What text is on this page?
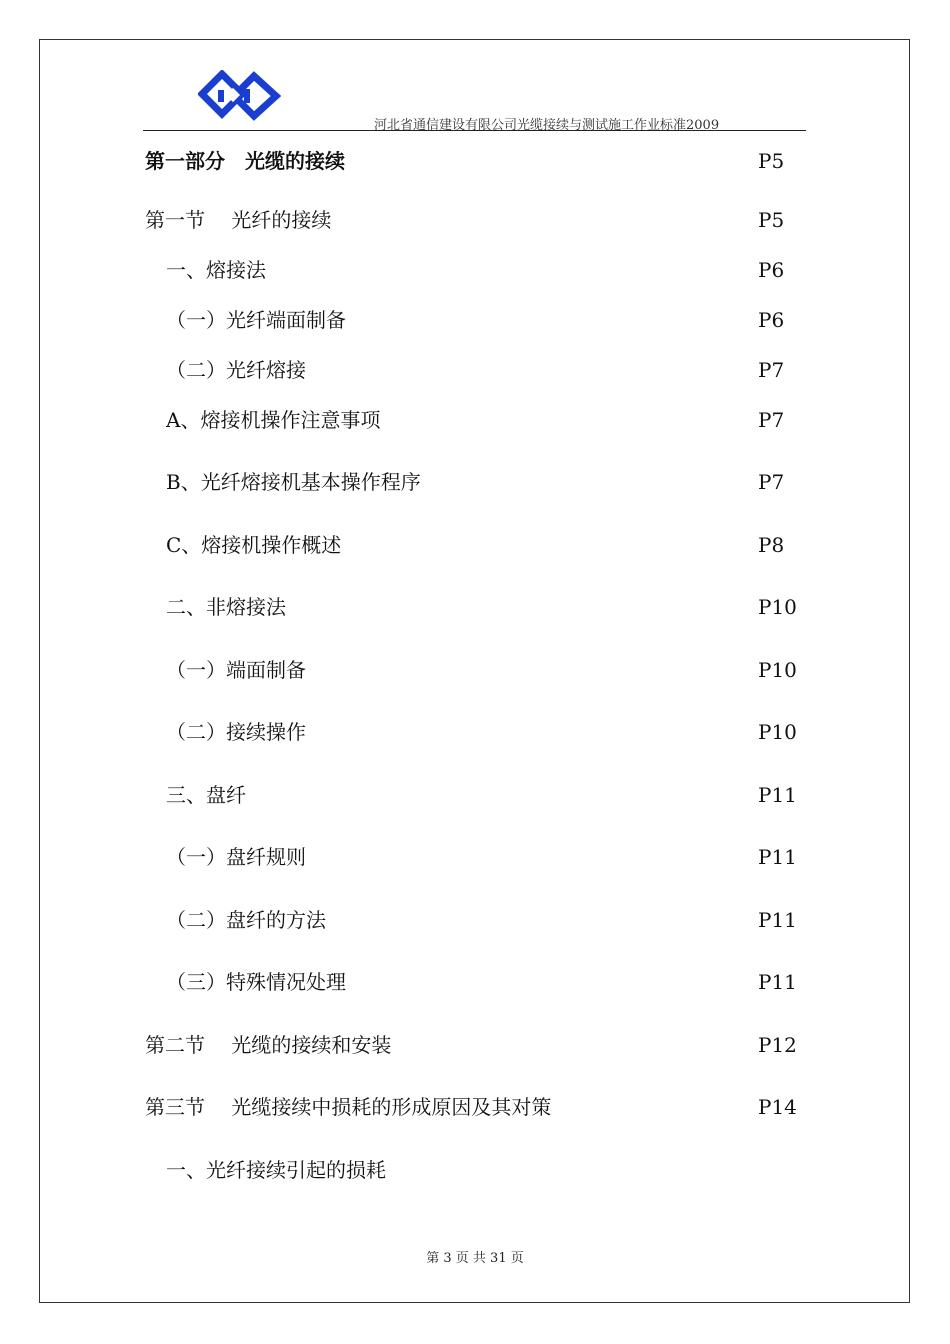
河北省通信建设有限公司光缆接续与测试施工作业标准2009
第一部分　光缆的接续	P5
第一节　 光纤的接续	P5
一、熔接法	P6
（一）光纤端面制备	P6
（二）光纤熔接	P7
A、熔接机操作注意事项	P7
B、光纤熔接机基本操作程序	P7
C、熔接机操作概述	P8
二、非熔接法	P10
（一）端面制备	P10
（二）接续操作	P10
三、盘纤	P11
（一）盘纤规则	P11
（二）盘纤的方法	P11
（三）特殊情况处理	P11
第二节　 光缆的接续和安装	P12
第三节　 光缆接续中损耗的形成原因及其对策	P14
一、光纤接续引起的损耗
第 3 页 共 31 页
